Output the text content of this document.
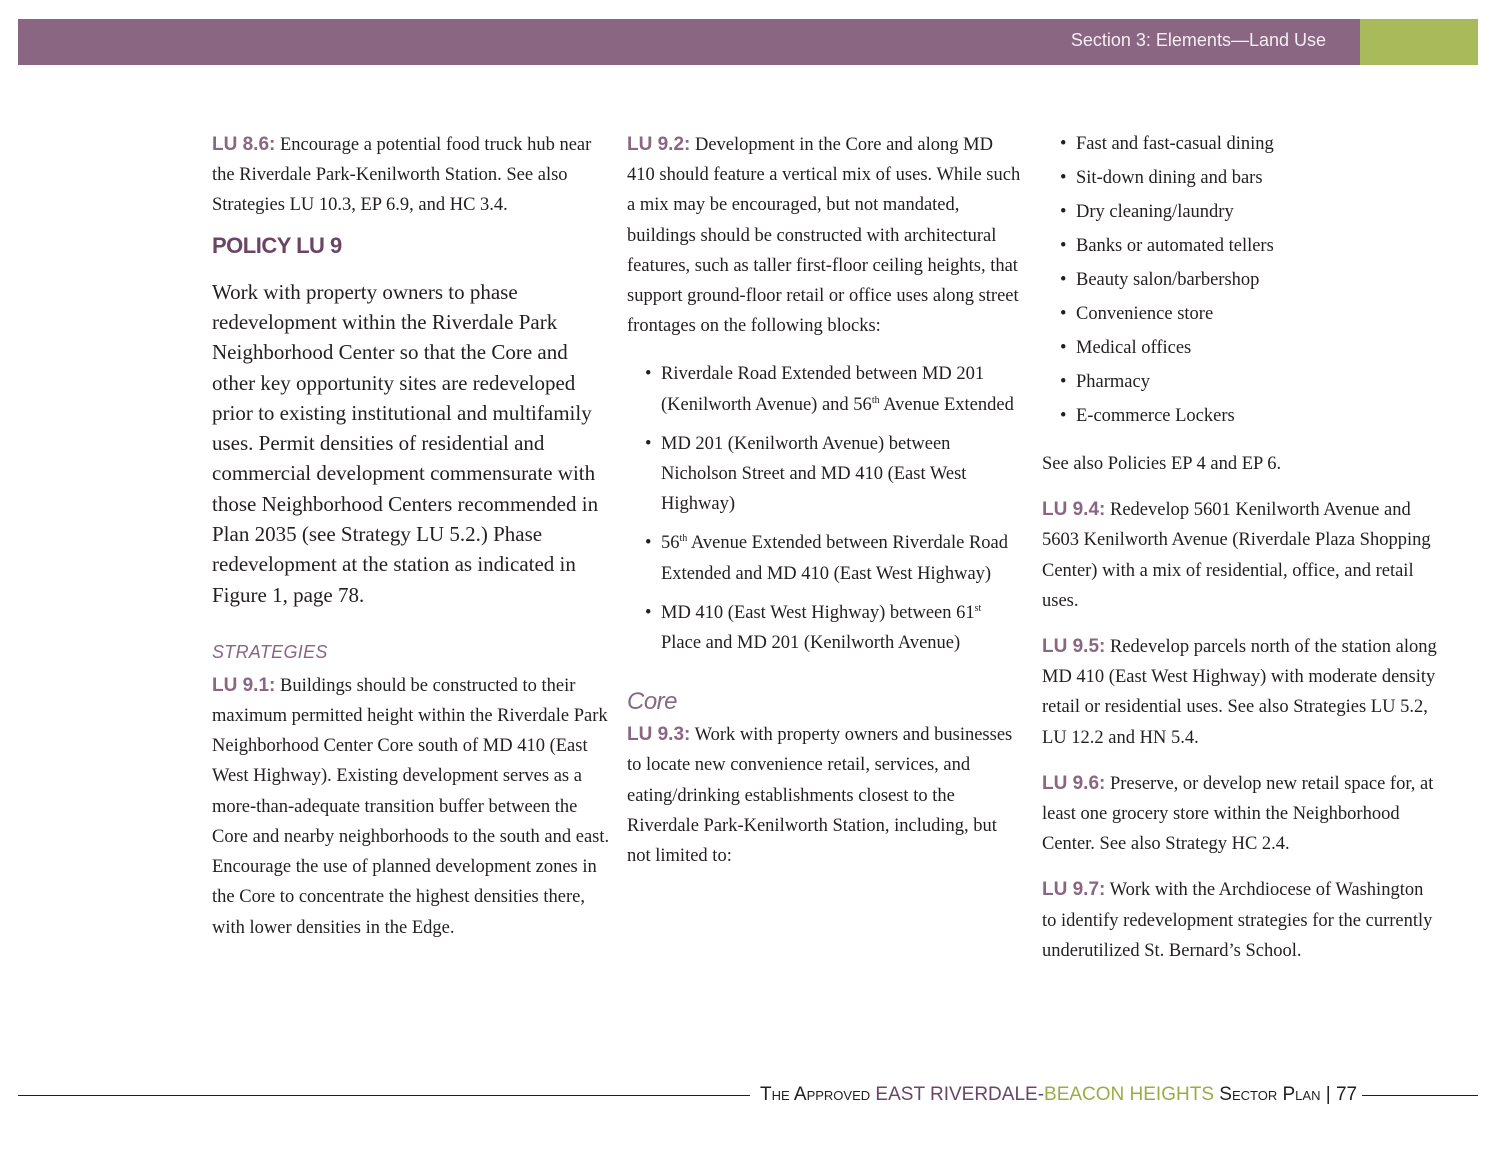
Section 3: Elements—Land Use

LU 8.6: Encourage a potential food truck hub near the Riverdale Park-Kenilworth Station. See also Strategies LU 10.3, EP 6.9, and HC 3.4.

POLICY LU 9

Work with property owners to phase redevelopment within the Riverdale Park Neighborhood Center so that the Core and other key opportunity sites are redeveloped prior to existing institutional and multifamily uses. Permit densities of residential and commercial development commensurate with those Neighborhood Centers recommended in Plan 2035 (see Strategy LU 5.2.) Phase redevelopment at the station as indicated in Figure 1, page 78.

STRATEGIES

LU 9.1: Buildings should be constructed to their maximum permitted height within the Riverdale Park Neighborhood Center Core south of MD 410 (East West Highway). Existing development serves as a more-than-adequate transition buffer between the Core and nearby neighborhoods to the south and east. Encourage the use of planned development zones in the Core to concentrate the highest densities there, with lower densities in the Edge.

LU 9.2: Development in the Core and along MD 410 should feature a vertical mix of uses. While such a mix may be encouraged, but not mandated, buildings should be constructed with architectural features, such as taller first-floor ceiling heights, that support ground-floor retail or office uses along street frontages on the following blocks:

• Riverdale Road Extended between MD 201 (Kenilworth Avenue) and 56th Avenue Extended
• MD 201 (Kenilworth Avenue) between Nicholson Street and MD 410 (East West Highway)
• 56th Avenue Extended between Riverdale Road Extended and MD 410 (East West Highway)
• MD 410 (East West Highway) between 61st Place and MD 201 (Kenilworth Avenue)
Core

LU 9.3: Work with property owners and businesses to locate new convenience retail, services, and eating/drinking establishments closest to the Riverdale Park-Kenilworth Station, including, but not limited to:

• Fast and fast-casual dining
• Sit-down dining and bars
• Dry cleaning/laundry
• Banks or automated tellers
• Beauty salon/barbershop
• Convenience store
• Medical offices
• Pharmacy
• E-commerce Lockers

See also Policies EP 4 and EP 6.

LU 9.4: Redevelop 5601 Kenilworth Avenue and 5603 Kenilworth Avenue (Riverdale Plaza Shopping Center) with a mix of residential, office, and retail uses.

LU 9.5: Redevelop parcels north of the station along MD 410 (East West Highway) with moderate density retail or residential uses. See also Strategies LU 5.2, LU 12.2 and HN 5.4.

LU 9.6: Preserve, or develop new retail space for, at least one grocery store within the Neighborhood Center. See also Strategy HC 2.4.

LU 9.7: Work with the Archdiocese of Washington to identify redevelopment strategies for the currently underutilized St. Bernard’s School.

The Approved EAST RIVERDALE-BEACON HEIGHTS Sector Plan | 77
